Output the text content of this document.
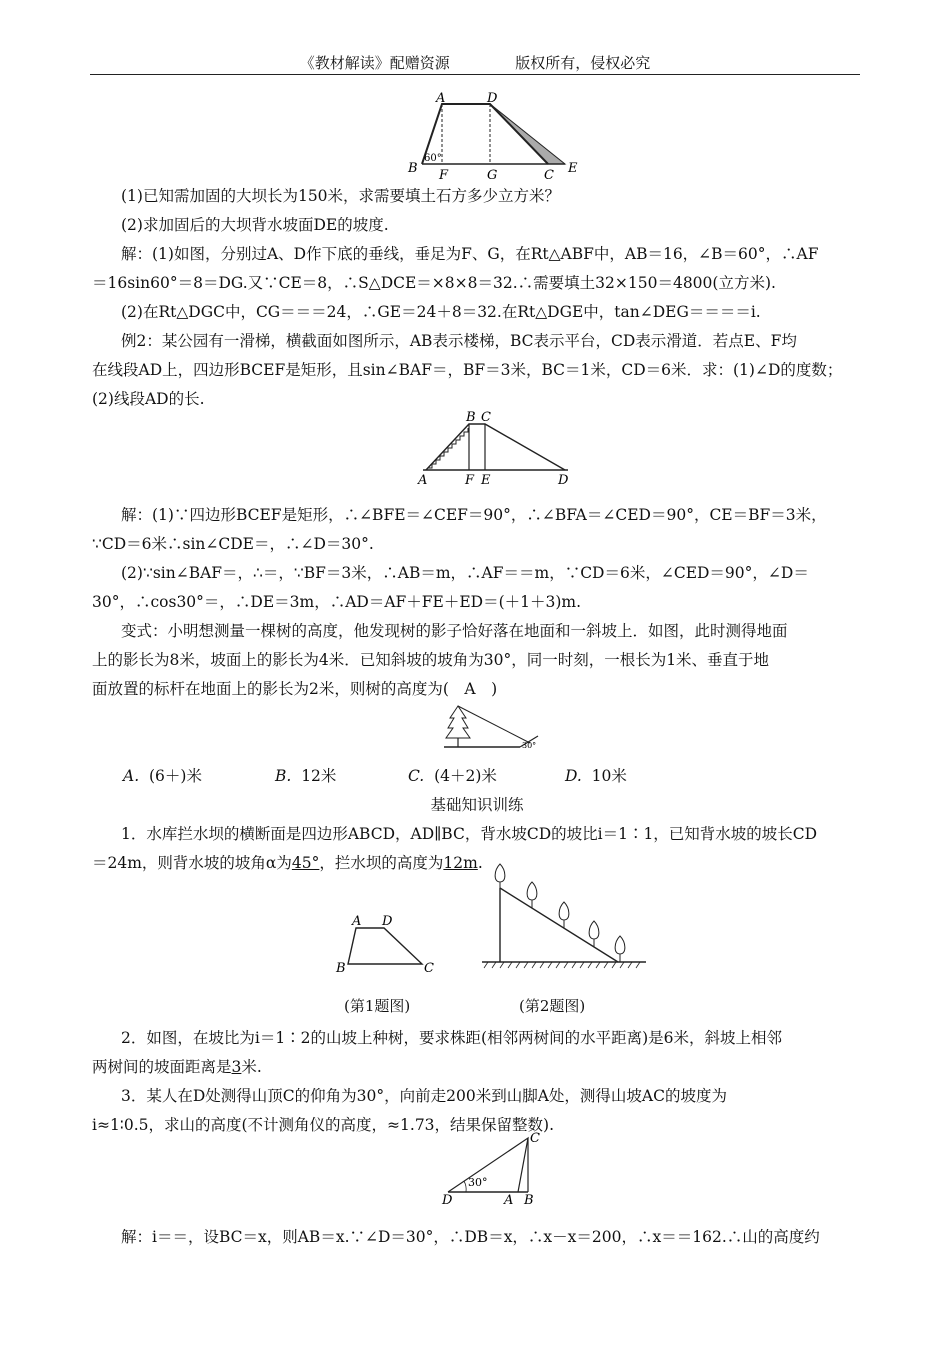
《教材解读》配赠资源	版权所有，侵权必究
A	D
B
60°
F	G	C E
(1)已知需加固的大坝长为150米，求需要填土石方多少立方米？
(2)求加固后的大坝背水坡面DE的坡度.
解：(1)如图，分别过A、D作下底的垂线，垂足为F、G，在Rt△ABF中，AB＝16，∠B＝60°，∴AF
＝16sin60°＝8＝DG.又∵CE＝8，∴S△DCE＝×8×8＝32.∴需要填土32×150＝4800(立方米).
(2)在Rt△DGC中，CG＝＝＝24，∴GE＝24＋8＝32.在Rt△DGE中，tan∠DEG＝＝＝＝i.
例2：某公园有一滑梯，横截面如图所示，AB表示楼梯，BC表示平台，CD表示滑道．若点E、F均
在线段AD上，四边形BCEF是矩形，且sin∠BAF＝，BF＝3米，BC＝1米，CD＝6米．求：(1)∠D的度数；
(2)线段AD的长.
B C
A	F E	D
解：(1)∵四边形BCEF是矩形，∴∠BFE＝∠CEF＝90°，∴∠BFA＝∠CED＝90°，CE＝BF＝3米，
∵CD＝6米∴sin∠CDE＝，∴∠D＝30°.
(2)∵sin∠BAF＝，∴＝，∵BF＝3米，∴AB＝m，∴AF＝＝m，∵CD＝6米，∠CED＝90°，∠D＝
30°，∴cos30°＝，∴DE＝3m，∴AD＝AF＋FE＋ED＝(＋1＋3)m.
变式：小明想测量一棵树的高度，他发现树的影子恰好落在地面和一斜坡上．如图，此时测得地面
上的影长为8米，坡面上的影长为4米．已知斜坡的坡角为30°，同一时刻，一根长为1米、垂直于地
面放置的标杆在地面上的影长为2米，则树的高度为(　A　)
30°
A. (6＋)米	B. 12米	C. (4＋2)米	D. 10米
基础知识训练
1．水库拦水坝的横断面是四边形ABCD，AD∥BC，背水坡CD的坡比i＝1∶1，已知背水坡的坡长CD
＝24m，则背水坡的坡角α为45°，拦水坝的高度为12m.
A D
B	C
(第1题图)	(第2题图)
2．如图，在坡比为i＝1∶2的山坡上种树，要求株距(相邻两树间的水平距离)是6米，斜坡上相邻
两树间的坡面距离是3米.
3．某人在D处测得山顶C的仰角为30°，向前走200米到山脚A处，测得山坡AC的坡度为
i≈1∶0.5，求山的高度(不计测角仪的高度，≈1.73，结果保留整数).
C
30°
D	A B
解：i＝＝，设BC＝x，则AB＝x.∵∠D＝30°，∴DB＝x，∴x－x＝200，∴x＝＝162.∴山的高度约
